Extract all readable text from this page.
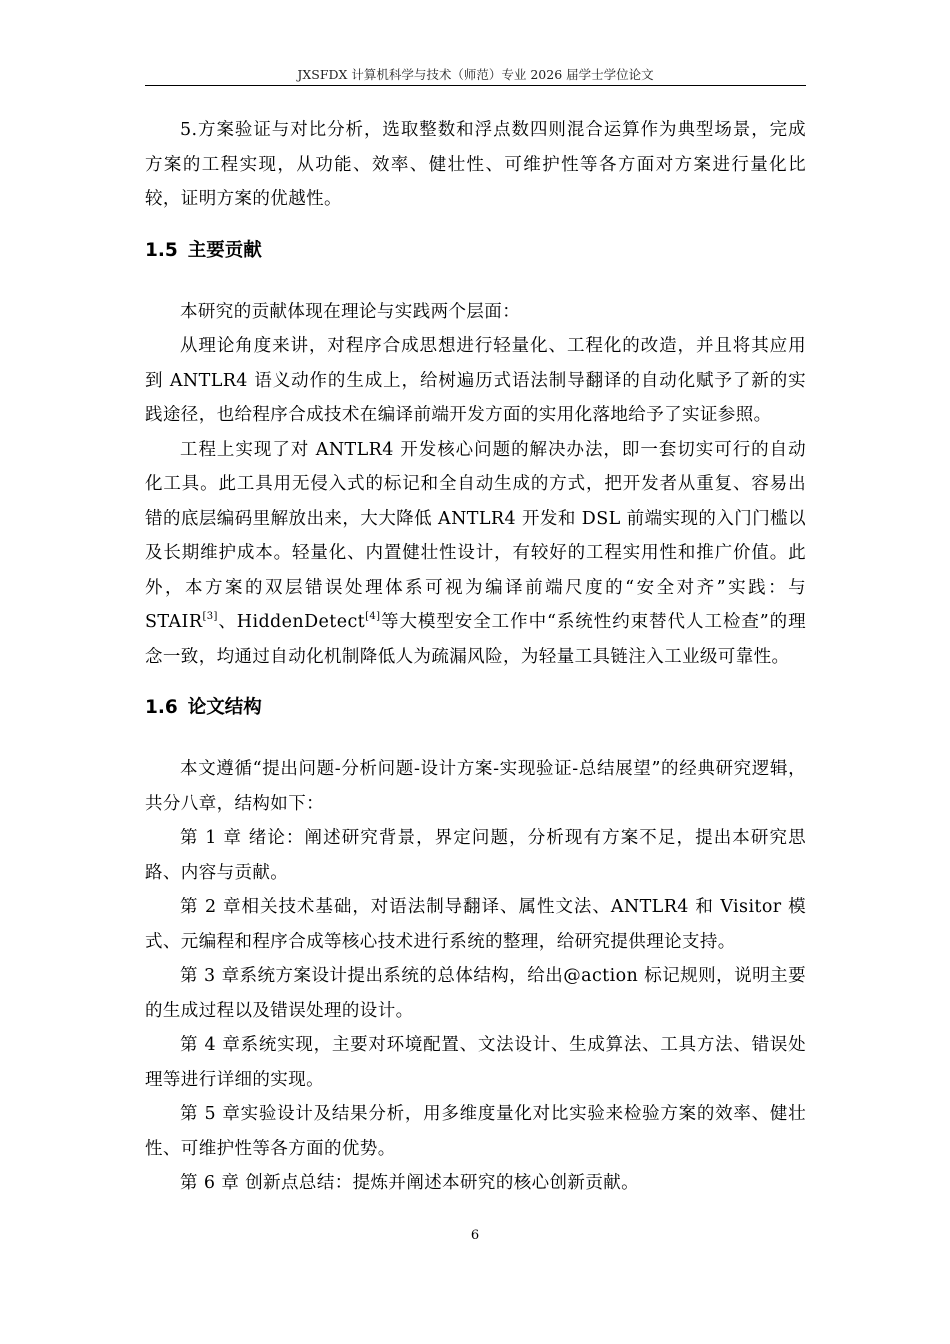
JXSFDX 计算机科学与技术（师范）专业 2026 届学士学位论文

5.方案验证与对比分析，选取整数和浮点数四则混合运算作为典型场景，完成方案的工程实现，从功能、效率、健壮性、可维护性等各方面对方案进行量化比较，证明方案的优越性。

1.5 主要贡献

本研究的贡献体现在理论与实践两个层面：

从理论角度来讲，对程序合成思想进行轻量化、工程化的改造，并且将其应用到 ANTLR4 语义动作的生成上，给树遍历式语法制导翻译的自动化赋予了新的实践途径，也给程序合成技术在编译前端开发方面的实用化落地给予了实证参照。

工程上实现了对 ANTLR4 开发核心问题的解决办法，即一套切实可行的自动化工具。此工具用无侵入式的标记和全自动生成的方式，把开发者从重复、容易出错的底层编码里解放出来，大大降低 ANTLR4 开发和 DSL 前端实现的入门门槛以及长期维护成本。轻量化、内置健壮性设计，有较好的工程实用性和推广价值。此外，本方案的双层错误处理体系可视为编译前端尺度的“安全对齐”实践：与 STAIR[3]、HiddenDetect[4]等大模型安全工作中“系统性约束替代人工检查”的理念一致，均通过自动化机制降低人为疏漏风险，为轻量工具链注入工业级可靠性。

1.6 论文结构

本文遵循“提出问题-分析问题-设计方案-实现验证-总结展望”的经典研究逻辑，共分八章，结构如下：

第 1 章 绪论：阐述研究背景，界定问题，分析现有方案不足，提出本研究思路、内容与贡献。

第 2 章相关技术基础，对语法制导翻译、属性文法、ANTLR4 和 Visitor 模式、元编程和程序合成等核心技术进行系统的整理，给研究提供理论支持。

第 3 章系统方案设计提出系统的总体结构，给出@action 标记规则，说明主要的生成过程以及错误处理的设计。

第 4 章系统实现，主要对环境配置、文法设计、生成算法、工具方法、错误处理等进行详细的实现。

第 5 章实验设计及结果分析，用多维度量化对比实验来检验方案的效率、健壮性、可维护性等各方面的优势。

第 6 章 创新点总结：提炼并阐述本研究的核心创新贡献。

6
